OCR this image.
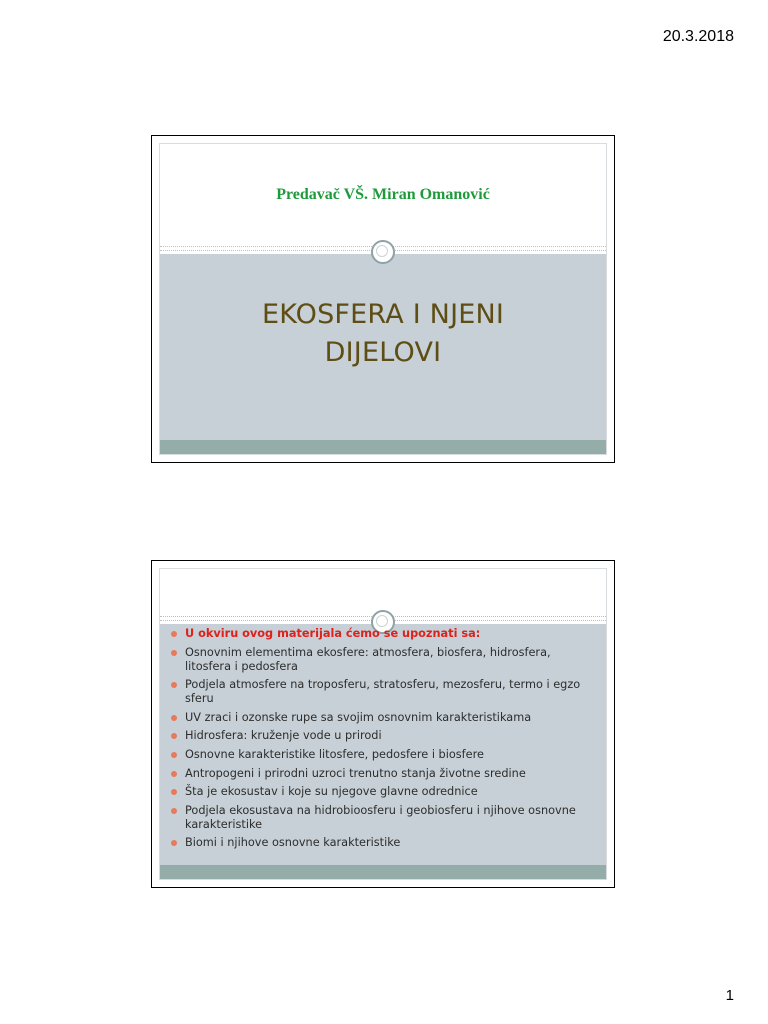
20.3.2018
Predavač VŠ. Miran Omanović
EKOSFERA I NJENI
DIJELOVI
U okviru ovog materijala ćemo se upoznati sa:
Osnovnim elementima ekosfere: atmosfera, biosfera, hidrosfera, litosfera i pedosfera
Podjela atmosfere na troposferu, stratosferu, mezosferu, termo i egzo sferu
UV zraci i ozonske rupe sa svojim osnovnim karakteristikama
Hidrosfera: kruženje vode u prirodi
Osnovne karakteristike litosfere, pedosfere i biosfere
Antropogeni i prirodni uzroci trenutno stanja životne sredine
Šta je ekosustav i koje su njegove glavne odrednice
Podjela ekosustava na hidrobioosferu i geobiosferu i njihove osnovne karakteristike
Biomi i njihove osnovne karakteristike
1
